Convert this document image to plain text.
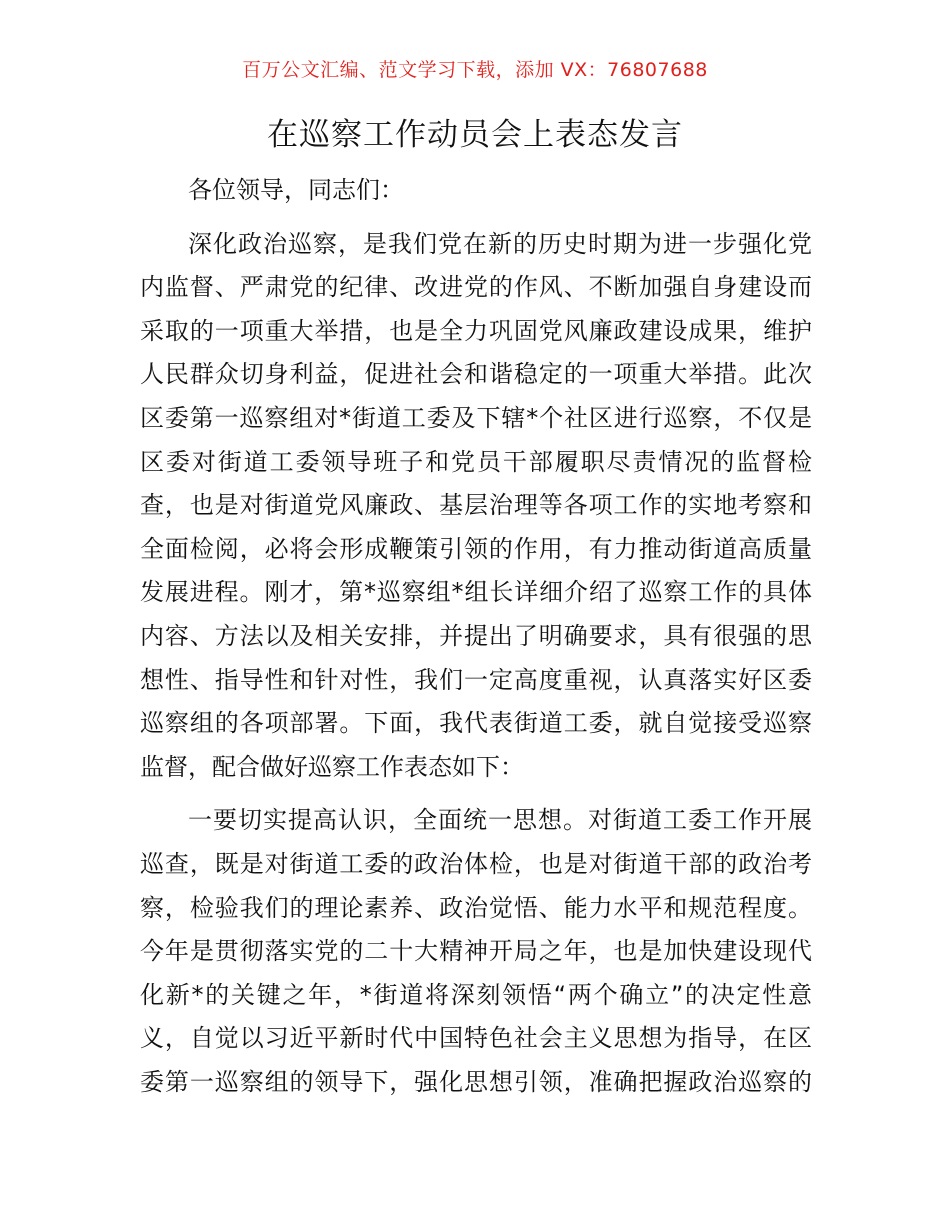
百万公文汇编、范文学习下载，添加 VX：76807688
在巡察工作动员会上表态发言
各位领导，同志们：
深化政治巡察，是我们党在新的历史时期为进一步强化党
内监督、严肃党的纪律、改进党的作风、不断加强自身建设而
采取的一项重大举措，也是全力巩固党风廉政建设成果，维护
人民群众切身利益，促进社会和谐稳定的一项重大举措。此次
区委第一巡察组对*街道工委及下辖*个社区进行巡察，不仅是
区委对街道工委领导班子和党员干部履职尽责情况的监督检
查，也是对街道党风廉政、基层治理等各项工作的实地考察和
全面检阅，必将会形成鞭策引领的作用，有力推动街道高质量
发展进程。刚才，第*巡察组*组长详细介绍了巡察工作的具体
内容、方法以及相关安排，并提出了明确要求，具有很强的思
想性、指导性和针对性，我们一定高度重视，认真落实好区委
巡察组的各项部署。下面，我代表街道工委，就自觉接受巡察
监督，配合做好巡察工作表态如下：
一要切实提高认识，全面统一思想。对街道工委工作开展
巡查，既是对街道工委的政治体检，也是对街道干部的政治考
察，检验我们的理论素养、政治觉悟、能力水平和规范程度。
今年是贯彻落实党的二十大精神开局之年，也是加快建设现代
化新*的关键之年，*街道将深刻领悟“两个确立”的决定性意
义，自觉以习近平新时代中国特色社会主义思想为指导，在区
委第一巡察组的领导下，强化思想引领，准确把握政治巡察的
